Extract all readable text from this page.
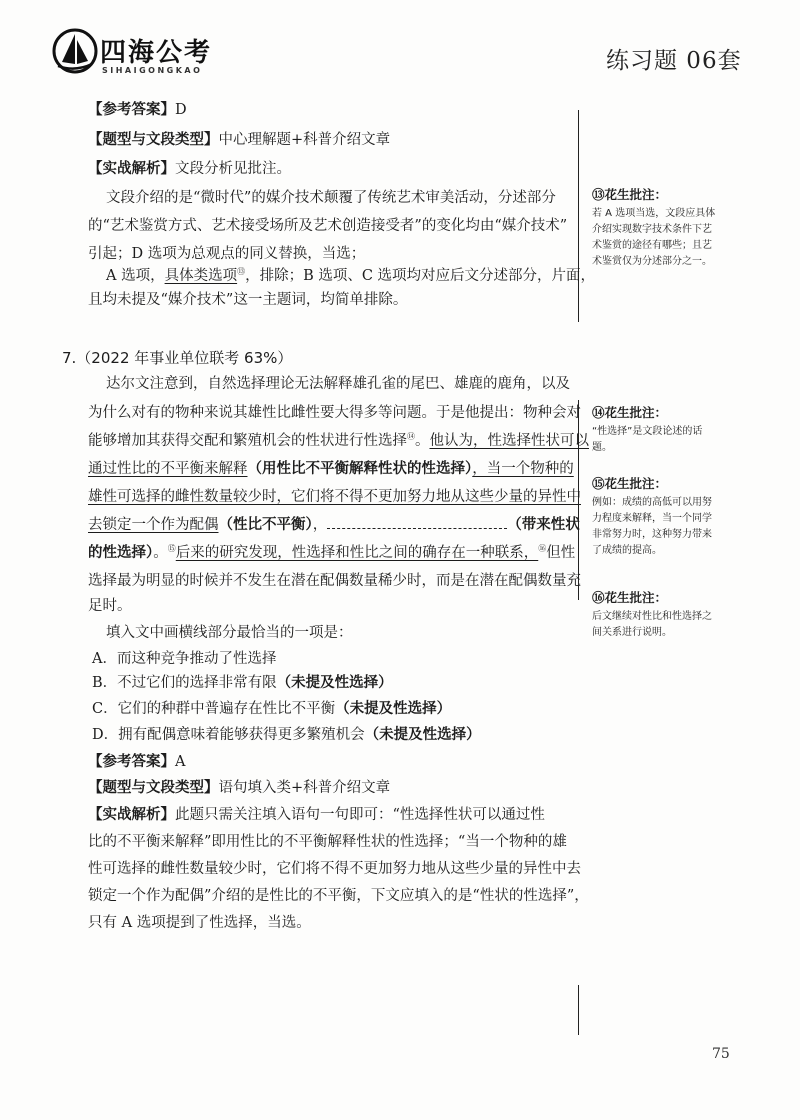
四海公考
SIHAIGONGKAO	练习题 06套
【参考答案】D
【题型与文段类型】中心理解题+科普介绍文章
【实战解析】文段分析见批注。
文段介绍的是“微时代”的媒介技术颠覆了传统艺术审美活动，分述部分
的“艺术鉴赏方式、艺术接受场所及艺术创造接受者”的变化均由“媒介技术”
引起；D 选项为总观点的同义替换，当选；
A 选项，具体类选项⑬，排除；B 选项、C 选项均对应后文分述部分，片面，
且均未提及“媒介技术”这一主题词，均简单排除。
7.（2022 年事业单位联考 63%）
达尔文注意到，自然选择理论无法解释雄孔雀的尾巴、雄鹿的鹿角，以及
为什么对有的物种来说其雄性比雌性要大得多等问题。于是他提出：物种会对
能够增加其获得交配和繁殖机会的性状进行性选择⑭。他认为，性选择性状可以
通过性比的不平衡来解释（用性比不平衡解释性状的性选择），当一个物种的
雄性可选择的雌性数量较少时，它们将不得不更加努力地从这些少量的异性中
去锁定一个作为配偶（性比不平衡），	（带来性状
的性选择）。⑮后来的研究发现，性选择和性比之间的确存在一种联系，⑯但性
选择最为明显的时候并不发生在潜在配偶数量稀少时，而是在潜在配偶数量充
足时。
填入文中画横线部分最恰当的一项是：
A．而这种竞争推动了性选择
B．不过它们的选择非常有限（未提及性选择）
C．它们的种群中普遍存在性比不平衡（未提及性选择）
D．拥有配偶意味着能够获得更多繁殖机会（未提及性选择）
【参考答案】A
【题型与文段类型】语句填入类+科普介绍文章
【实战解析】此题只需关注填入语句一句即可：“性选择性状可以通过性
比的不平衡来解释”即用性比的不平衡解释性状的性选择；“当一个物种的雄
性可选择的雌性数量较少时，它们将不得不更加努力地从这些少量的异性中去
锁定一个作为配偶”介绍的是性比的不平衡，下文应填入的是“性状的性选择”，
只有 A 选项提到了性选择，当选。
⑬花生批注：
若 A 选项当选，文段应具体
介绍实现数字技术条件下艺
术鉴赏的途径有哪些；且艺
术鉴赏仅为分述部分之一。
⑭花生批注：
“性选择”是文段论述的话
题。
⑮花生批注：
例如：成绩的高低可以用努
力程度来解释，当一个同学
非常努力时，这种努力带来
了成绩的提高。
⑯花生批注：
后文继续对性比和性选择之
间关系进行说明。
75
